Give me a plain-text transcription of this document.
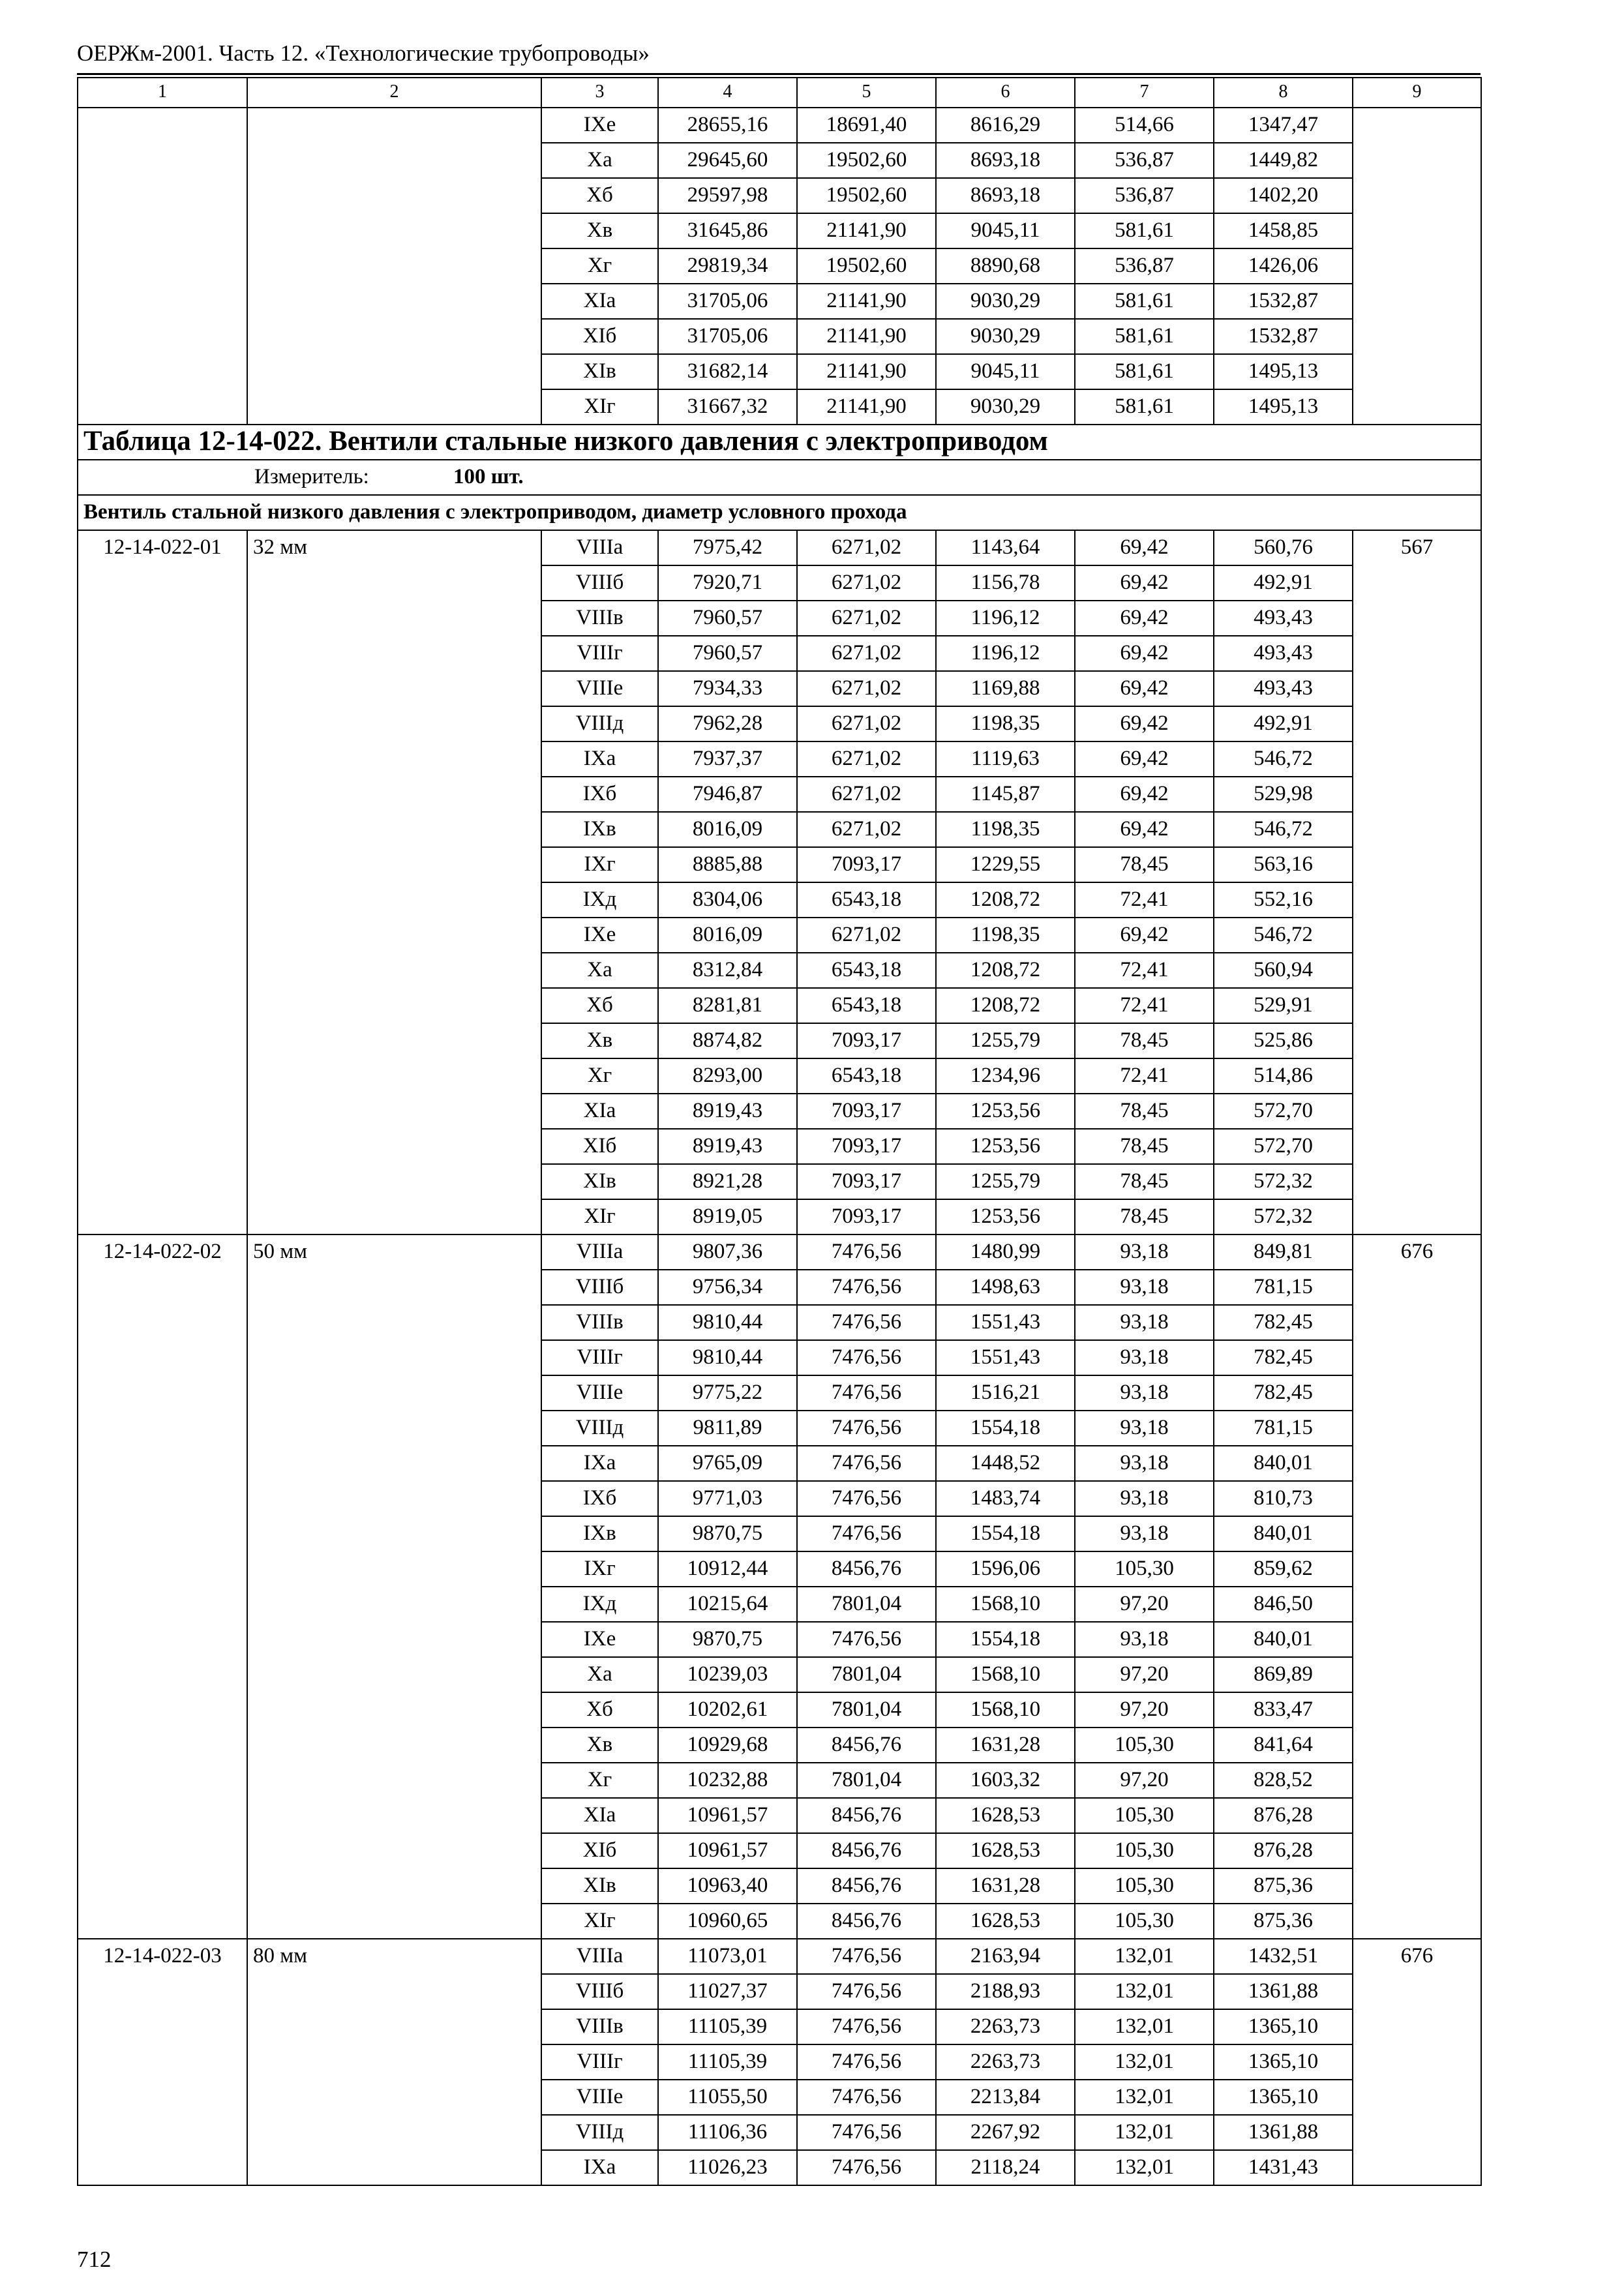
ОЕРЖм-2001. Часть 12. «Технологические трубопроводы»
1	2	3	4	5	6	7	8	9
		IXе	28655,16	18691,40	8616,29	514,66	1347,47	
		Xа	29645,60	19502,60	8693,18	536,87	1449,82	
		Xб	29597,98	19502,60	8693,18	536,87	1402,20	
		Xв	31645,86	21141,90	9045,11	581,61	1458,85	
		Xг	29819,34	19502,60	8890,68	536,87	1426,06	
		XIа	31705,06	21141,90	9030,29	581,61	1532,87	
		XIб	31705,06	21141,90	9030,29	581,61	1532,87	
		XIв	31682,14	21141,90	9045,11	581,61	1495,13	
		XIг	31667,32	21141,90	9030,29	581,61	1495,13	
Таблица 12-14-022. Вентили стальные низкого давления с электроприводом								
Измеритель: 100 шт.								
Вентиль стальной низкого давления с электроприводом, диаметр условного прохода								
12-14-022-01	32 мм	VIIIа	7975,42	6271,02	1143,64	69,42	560,76	567
		VIIIб	7920,71	6271,02	1156,78	69,42	492,91	
		VIIIв	7960,57	6271,02	1196,12	69,42	493,43	
		VIIIг	7960,57	6271,02	1196,12	69,42	493,43	
		VIIIе	7934,33	6271,02	1169,88	69,42	493,43	
		VIIIд	7962,28	6271,02	1198,35	69,42	492,91	
		IXа	7937,37	6271,02	1119,63	69,42	546,72	
		IXб	7946,87	6271,02	1145,87	69,42	529,98	
		IXв	8016,09	6271,02	1198,35	69,42	546,72	
		IXг	8885,88	7093,17	1229,55	78,45	563,16	
		IXд	8304,06	6543,18	1208,72	72,41	552,16	
		IXе	8016,09	6271,02	1198,35	69,42	546,72	
		Xа	8312,84	6543,18	1208,72	72,41	560,94	
		Xб	8281,81	6543,18	1208,72	72,41	529,91	
		Xв	8874,82	7093,17	1255,79	78,45	525,86	
		Xг	8293,00	6543,18	1234,96	72,41	514,86	
		XIа	8919,43	7093,17	1253,56	78,45	572,70	
		XIб	8919,43	7093,17	1253,56	78,45	572,70	
		XIв	8921,28	7093,17	1255,79	78,45	572,32	
		XIг	8919,05	7093,17	1253,56	78,45	572,32	
12-14-022-02	50 мм	VIIIа	9807,36	7476,56	1480,99	93,18	849,81	676
		VIIIб	9756,34	7476,56	1498,63	93,18	781,15	
		VIIIв	9810,44	7476,56	1551,43	93,18	782,45	
		VIIIг	9810,44	7476,56	1551,43	93,18	782,45	
		VIIIе	9775,22	7476,56	1516,21	93,18	782,45	
		VIIIд	9811,89	7476,56	1554,18	93,18	781,15	
		IXа	9765,09	7476,56	1448,52	93,18	840,01	
		IXб	9771,03	7476,56	1483,74	93,18	810,73	
		IXв	9870,75	7476,56	1554,18	93,18	840,01	
		IXг	10912,44	8456,76	1596,06	105,30	859,62	
		IXд	10215,64	7801,04	1568,10	97,20	846,50	
		IXе	9870,75	7476,56	1554,18	93,18	840,01	
		Xа	10239,03	7801,04	1568,10	97,20	869,89	
		Xб	10202,61	7801,04	1568,10	97,20	833,47	
		Xв	10929,68	8456,76	1631,28	105,30	841,64	
		Xг	10232,88	7801,04	1603,32	97,20	828,52	
		XIа	10961,57	8456,76	1628,53	105,30	876,28	
		XIб	10961,57	8456,76	1628,53	105,30	876,28	
		XIв	10963,40	8456,76	1631,28	105,30	875,36	
		XIг	10960,65	8456,76	1628,53	105,30	875,36	
12-14-022-03	80 мм	VIIIа	11073,01	7476,56	2163,94	132,01	1432,51	676
		VIIIб	11027,37	7476,56	2188,93	132,01	1361,88	
		VIIIв	11105,39	7476,56	2263,73	132,01	1365,10	
		VIIIг	11105,39	7476,56	2263,73	132,01	1365,10	
		VIIIе	11055,50	7476,56	2213,84	132,01	1365,10	
		VIIIд	11106,36	7476,56	2267,92	132,01	1361,88	
		IXа	11026,23	7476,56	2118,24	132,01	1431,43	
712
